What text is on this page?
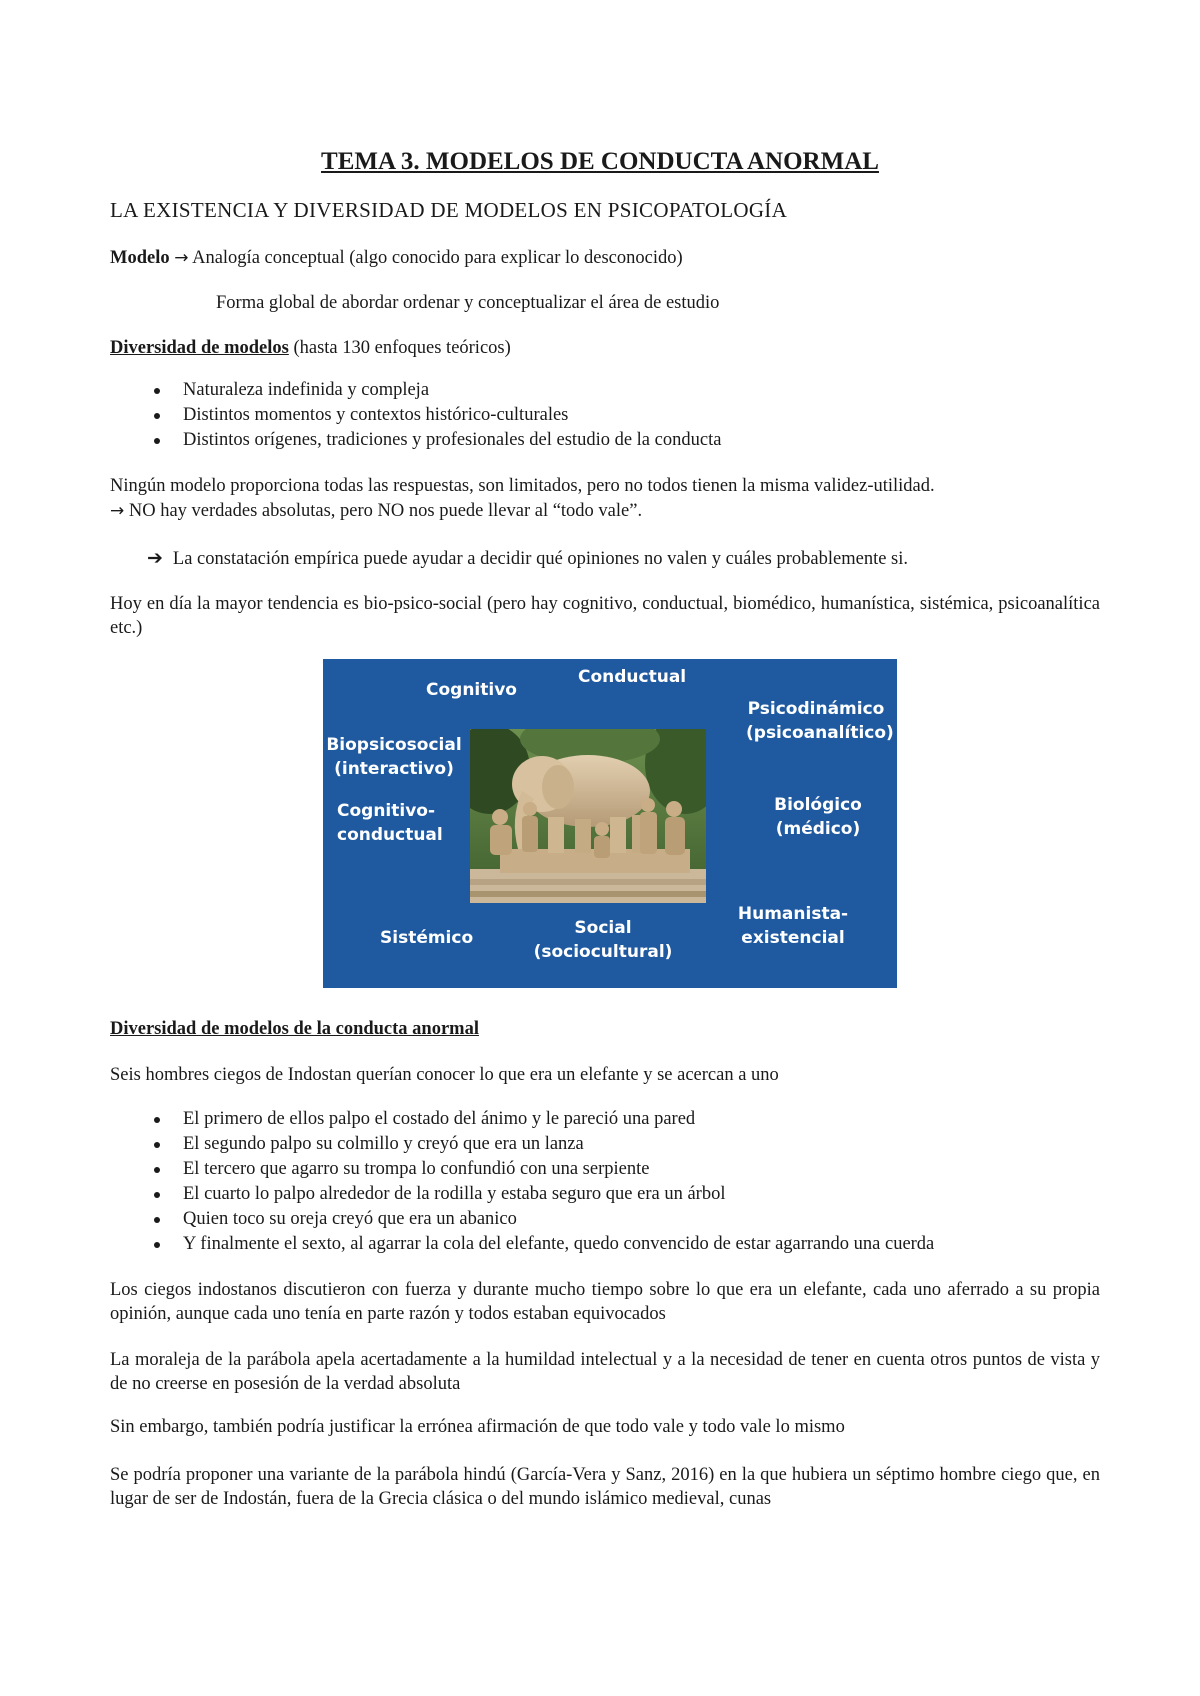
TEMA 3. MODELOS DE CONDUCTA ANORMAL

LA EXISTENCIA Y DIVERSIDAD DE MODELOS EN PSICOPATOLOGÍA

Modelo → Analogía conceptual (algo conocido para explicar lo desconocido)

Forma global de abordar ordenar y conceptualizar el área de estudio

Diversidad de modelos (hasta 130 enfoques teóricos)

Naturaleza indefinida y compleja
Distintos momentos y contextos histórico-culturales
Distintos orígenes, tradiciones y profesionales del estudio de la conducta

Ningún modelo proporciona todas las respuestas, son limitados, pero no todos tienen la misma validez-utilidad.

→ NO hay verdades absolutas, pero NO nos puede llevar al “todo vale”.

➔ La constatación empírica puede ayudar a decidir qué opiniones no valen y cuáles probablemente si.

Hoy en día la mayor tendencia es bio-psico-social (pero hay cognitivo, conductual, biomédico, humanística, sistémica, psicoanalítica etc.)

Cognitivo
Conductual
Psicodinámico
(psicoanalítico)
Biopsicosocial
(interactivo)
Biológico
(médico)
Cognitivo-
conductual
Sistémico	Social
(sociocultural)
Humanista-
existencial

Diversidad de modelos de la conducta anormal

Seis hombres ciegos de Indostan querían conocer lo que era un elefante y se acercan a uno

El primero de ellos palpo el costado del ánimo y le pareció una pared
El segundo palpo su colmillo y creyó que era un lanza
El tercero que agarro su trompa lo confundió con una serpiente
El cuarto lo palpo alrededor de la rodilla y estaba seguro que era un árbol
Quien toco su oreja creyó que era un abanico
Y finalmente el sexto, al agarrar la cola del elefante, quedo convencido de estar agarrando una cuerda

Los ciegos indostanos discutieron con fuerza y durante mucho tiempo sobre lo que era un elefante, cada uno aferrado a su propia opinión, aunque cada uno tenía en parte razón y todos estaban equivocados

La moraleja de la parábola apela acertadamente a la humildad intelectual y a la necesidad de tener en cuenta otros puntos de vista y de no creerse en posesión de la verdad absoluta

Sin embargo, también podría justificar la errónea afirmación de que todo vale y todo vale lo mismo

Se podría proponer una variante de la parábola hindú (García-Vera y Sanz, 2016) en la que hubiera un séptimo hombre ciego que, en lugar de ser de Indostán, fuera de la Grecia clásica o del mundo islámico medieval, cunas
